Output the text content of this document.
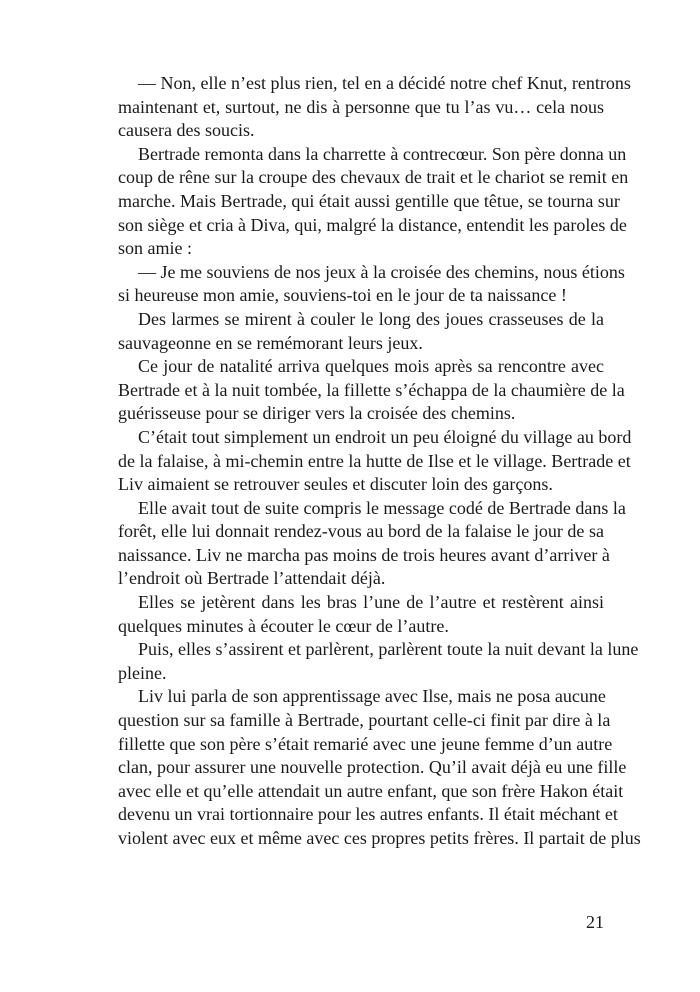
— Non, elle n’est plus rien, tel en a décidé notre chef Knut, rentrons
maintenant et, surtout, ne dis à personne que tu l’as vu… cela nous
causera des soucis.
Bertrade remonta dans la charrette à contrecœur. Son père donna un
coup de rêne sur la croupe des chevaux de trait et le chariot se remit en
marche. Mais Bertrade, qui était aussi gentille que têtue, se tourna sur
son siège et cria à Diva, qui, malgré la distance, entendit les paroles de
son amie :
— Je me souviens de nos jeux à la croisée des chemins, nous étions
si heureuse mon amie, souviens-toi en le jour de ta naissance !
Des larmes se mirent à couler le long des joues crasseuses de la
sauvageonne en se remémorant leurs jeux.
Ce jour de natalité arriva quelques mois après sa rencontre avec
Bertrade et à la nuit tombée, la fillette s’échappa de la chaumière de la
guérisseuse pour se diriger vers la croisée des chemins.
C’était tout simplement un endroit un peu éloigné du village au bord
de la falaise, à mi-chemin entre la hutte de Ilse et le village. Bertrade et
Liv aimaient se retrouver seules et discuter loin des garçons.
Elle avait tout de suite compris le message codé de Bertrade dans la
forêt, elle lui donnait rendez-vous au bord de la falaise le jour de sa
naissance. Liv ne marcha pas moins de trois heures avant d’arriver à
l’endroit où Bertrade l’attendait déjà.
Elles se jetèrent dans les bras l’une de l’autre et restèrent ainsi
quelques minutes à écouter le cœur de l’autre.
Puis, elles s’assirent et parlèrent, parlèrent toute la nuit devant la lune
pleine.
Liv lui parla de son apprentissage avec Ilse, mais ne posa aucune
question sur sa famille à Bertrade, pourtant celle-ci finit par dire à la
fillette que son père s’était remarié avec une jeune femme d’un autre
clan, pour assurer une nouvelle protection. Qu’il avait déjà eu une fille
avec elle et qu’elle attendait un autre enfant, que son frère Hakon était
devenu un vrai tortionnaire pour les autres enfants. Il était méchant et
violent avec eux et même avec ces propres petits frères. Il partait de plus
21
